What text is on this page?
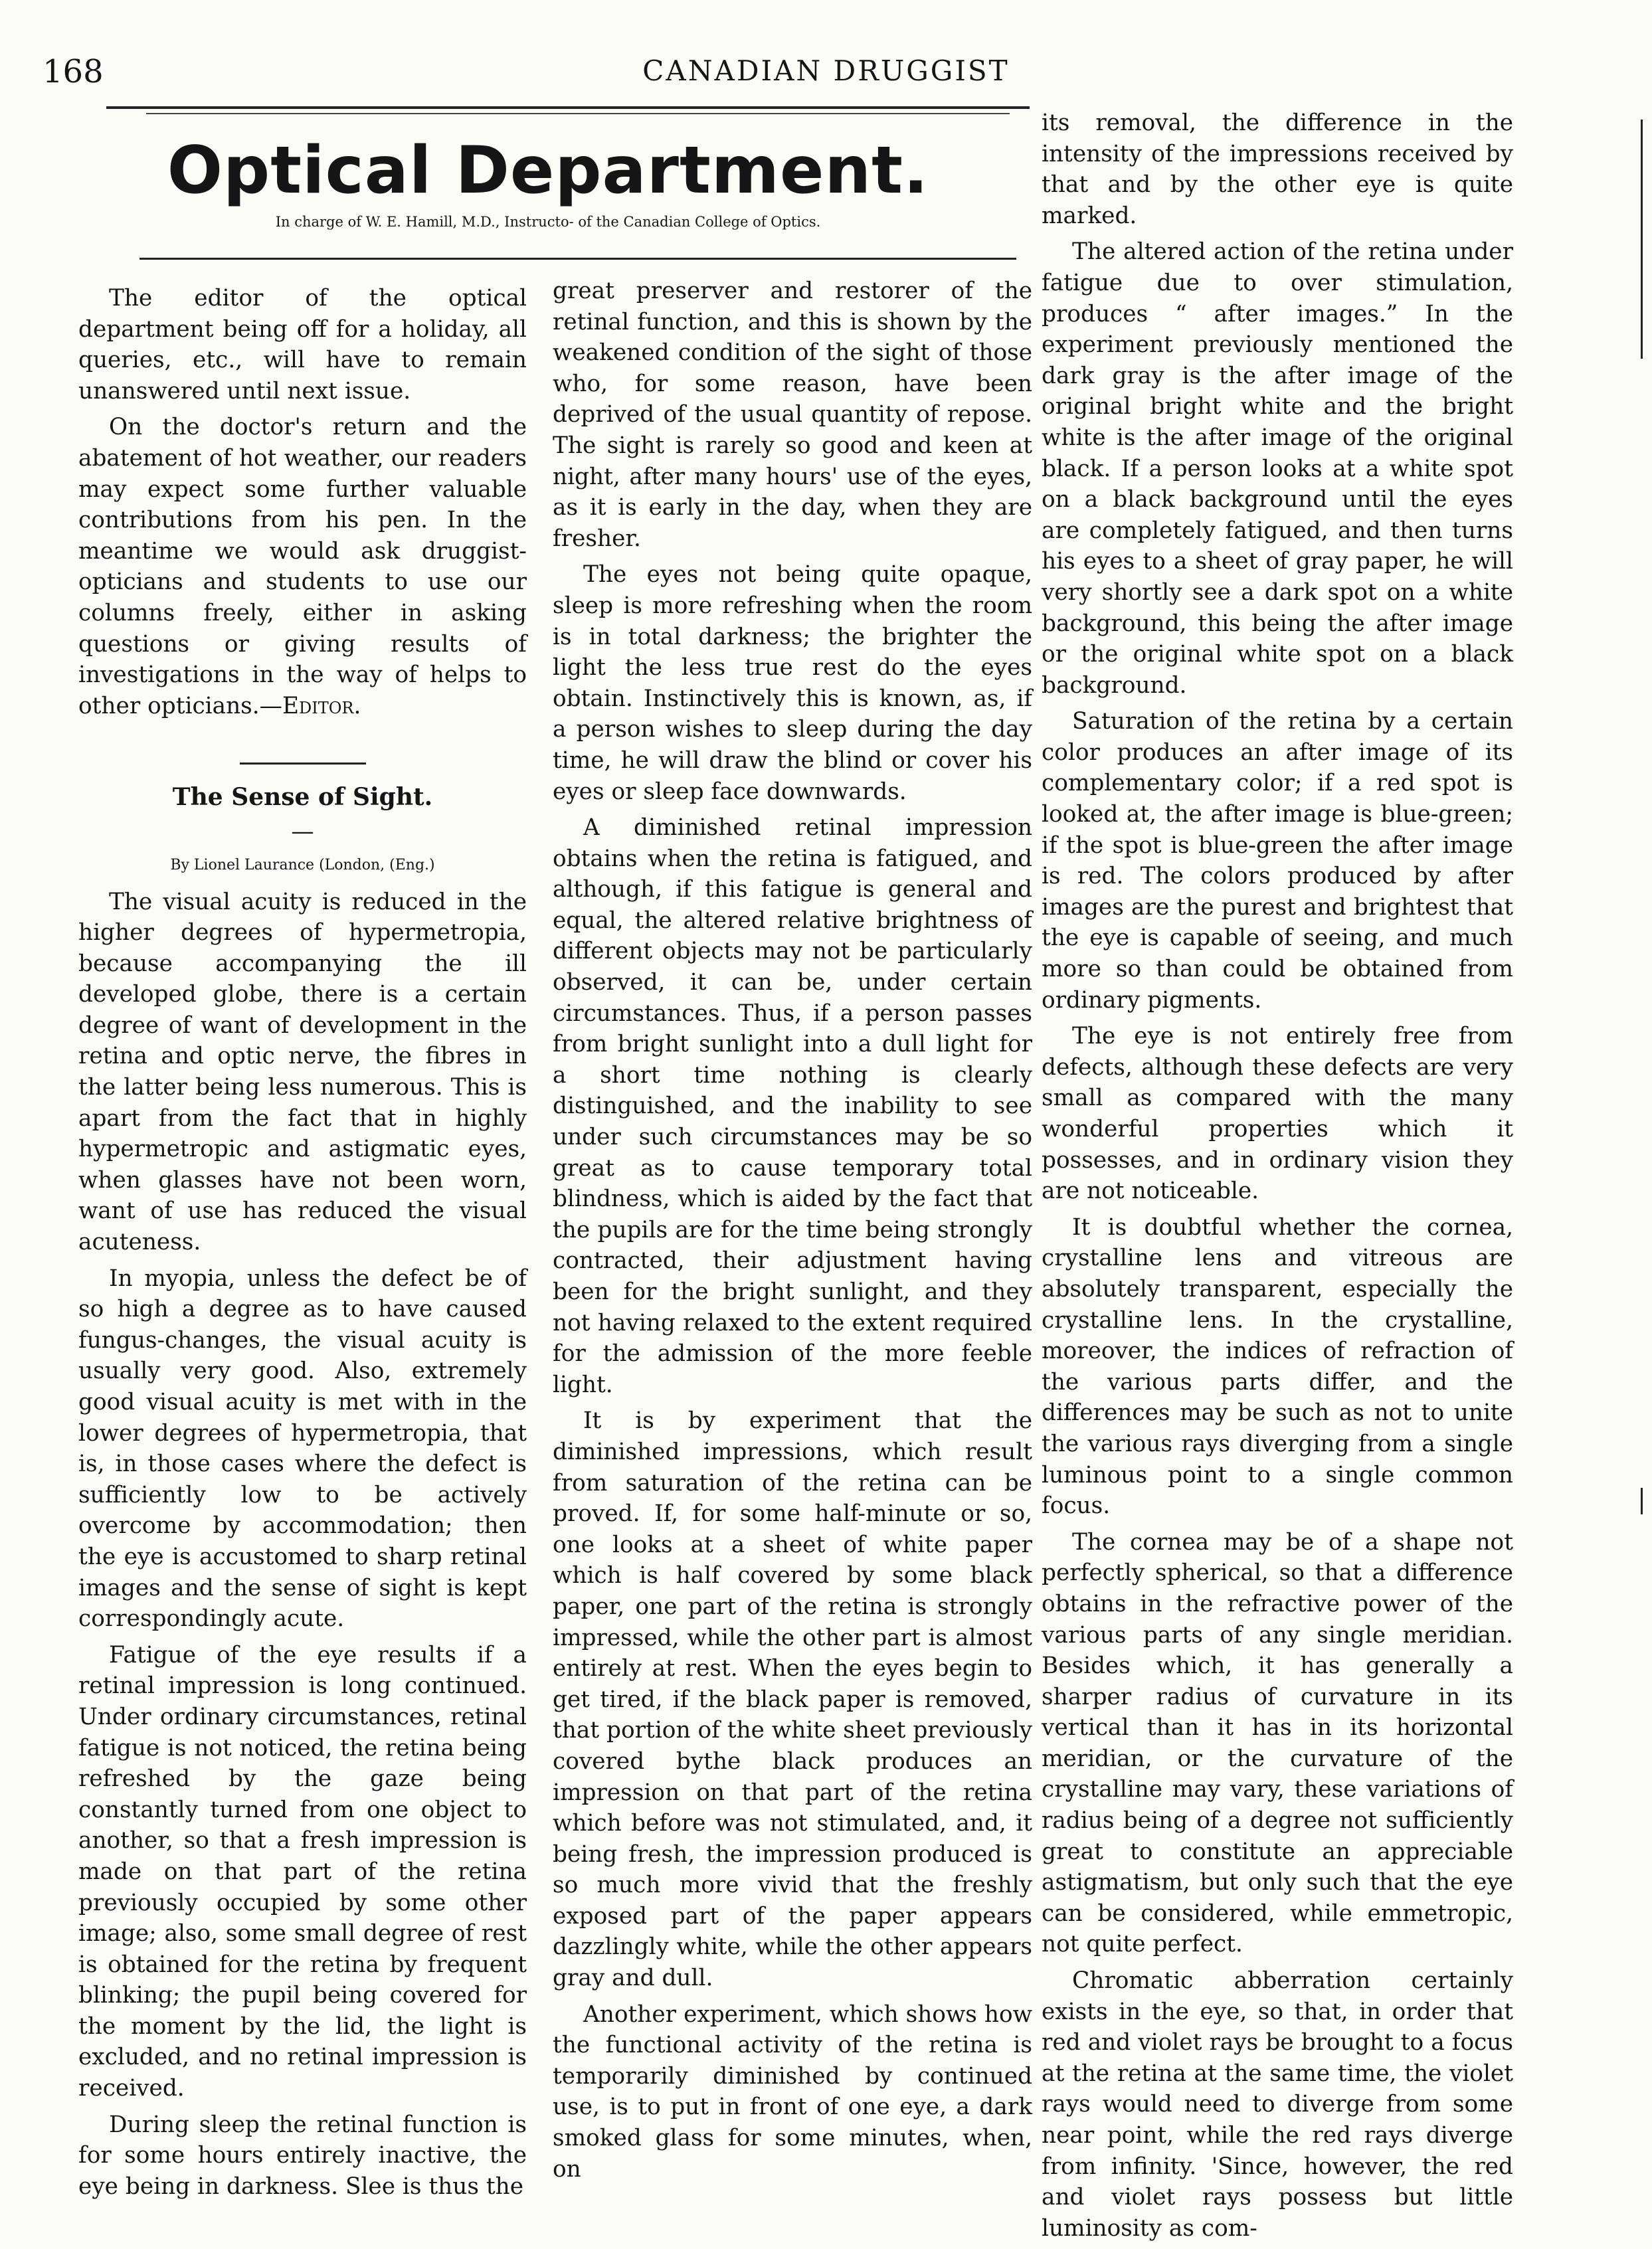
168	CANADIAN DRUGGIST
Optical Department.
In charge of W. E. Hamill, M.D., Instructo- of the Canadian College of Optics.

The editor of the optical department being off for a holiday, all queries, etc., will have to remain unanswered until next issue.

On the doctor's return and the abatement of hot weather, our readers may expect some further valuable contributions from his pen. In the meantime we would ask druggist-opticians and students to use our columns freely, either in asking questions or giving results of investigations in the way of helps to other opticians.—Editor.

The Sense of Sight.

—

By Lionel Laurance (London, (Eng.)

The visual acuity is reduced in the higher degrees of hypermetropia, because accompanying the ill developed globe, there is a certain degree of want of development in the retina and optic nerve, the fibres in the latter being less numerous. This is apart from the fact that in highly hypermetropic and astigmatic eyes, when glasses have not been worn, want of use has reduced the visual acuteness.

In myopia, unless the defect be of so high a degree as to have caused fungus-changes, the visual acuity is usually very good. Also, extremely good visual acuity is met with in the lower degrees of hypermetropia, that is, in those cases where the defect is sufficiently low to be actively overcome by accommodation; then the eye is accustomed to sharp retinal images and the sense of sight is kept correspondingly acute.

Fatigue of the eye results if a retinal impression is long continued. Under ordinary circumstances, retinal fatigue is not noticed, the retina being refreshed by the gaze being constantly turned from one object to another, so that a fresh impression is made on that part of the retina previously occupied by some other image; also, some small degree of rest is obtained for the retina by frequent blinking; the pupil being covered for the moment by the lid, the light is excluded, and no retinal impression is received.

During sleep the retinal function is for some hours entirely inactive, the eye being in darkness. Slee is thus the

great preserver and restorer of the retinal function, and this is shown by the weakened condition of the sight of those who, for some reason, have been deprived of the usual quantity of repose. The sight is rarely so good and keen at night, after many hours' use of the eyes, as it is early in the day, when they are fresher.

The eyes not being quite opaque, sleep is more refreshing when the room is in total darkness; the brighter the light the less true rest do the eyes obtain. Instinctively this is known, as, if a person wishes to sleep during the day time, he will draw the blind or cover his eyes or sleep face downwards.

A diminished retinal impression obtains when the retina is fatigued, and although, if this fatigue is general and equal, the altered relative brightness of different objects may not be particularly observed, it can be, under certain circumstances. Thus, if a person passes from bright sunlight into a dull light for a short time nothing is clearly distinguished, and the inability to see under such circumstances may be so great as to cause temporary total blindness, which is aided by the fact that the pupils are for the time being strongly contracted, their adjustment having been for the bright sunlight, and they not having relaxed to the extent required for the admission of the more feeble light.

It is by experiment that the diminished impressions, which result from saturation of the retina can be proved. If, for some half-minute or so, one looks at a sheet of white paper which is half covered by some black paper, one part of the retina is strongly impressed, while the other part is almost entirely at rest. When the eyes begin to get tired, if the black paper is removed, that portion of the white sheet previously covered bythe black produces an impression on that part of the retina which before was not stimulated, and, it being fresh, the impression produced is so much more vivid that the freshly exposed part of the paper appears dazzlingly white, while the other appears gray and dull.

Another experiment, which shows how the functional activity of the retina is temporarily diminished by continued use, is to put in front of one eye, a dark smoked glass for some minutes, when, on

its removal, the difference in the intensity of the impressions received by that and by the other eye is quite marked.

The altered action of the retina under fatigue due to over stimulation, produces “ after images.” In the experiment previously mentioned the dark gray is the after image of the original bright white and the bright white is the after image of the original black. If a person looks at a white spot on a black background until the eyes are completely fatigued, and then turns his eyes to a sheet of gray paper, he will very shortly see a dark spot on a white background, this being the after image or the original white spot on a black background.

Saturation of the retina by a certain color produces an after image of its complementary color; if a red spot is looked at, the after image is blue-green; if the spot is blue-green the after image is red. The colors produced by after images are the purest and brightest that the eye is capable of seeing, and much more so than could be obtained from ordinary pigments.

The eye is not entirely free from defects, although these defects are very small as compared with the many wonderful properties which it possesses, and in ordinary vision they are not noticeable.

It is doubtful whether the cornea, crystalline lens and vitreous are absolutely transparent, especially the crystalline lens. In the crystalline, moreover, the indices of refraction of the various parts differ, and the differences may be such as not to unite the various rays diverging from a single luminous point to a single common focus.

The cornea may be of a shape not perfectly spherical, so that a difference obtains in the refractive power of the various parts of any single meridian. Besides which, it has generally a sharper radius of curvature in its vertical than it has in its horizontal meridian, or the curvature of the crystalline may vary, these variations of radius being of a degree not sufficiently great to constitute an appreciable astigmatism, but only such that the eye can be considered, while emmetropic, not quite perfect.

Chromatic abberration certainly exists in the eye, so that, in order that red and violet rays be brought to a focus at the retina at the same time, the violet rays would need to diverge from some near point, while the red rays diverge from infinity. 'Since, however, the red and violet rays possess but little luminosity as com-
